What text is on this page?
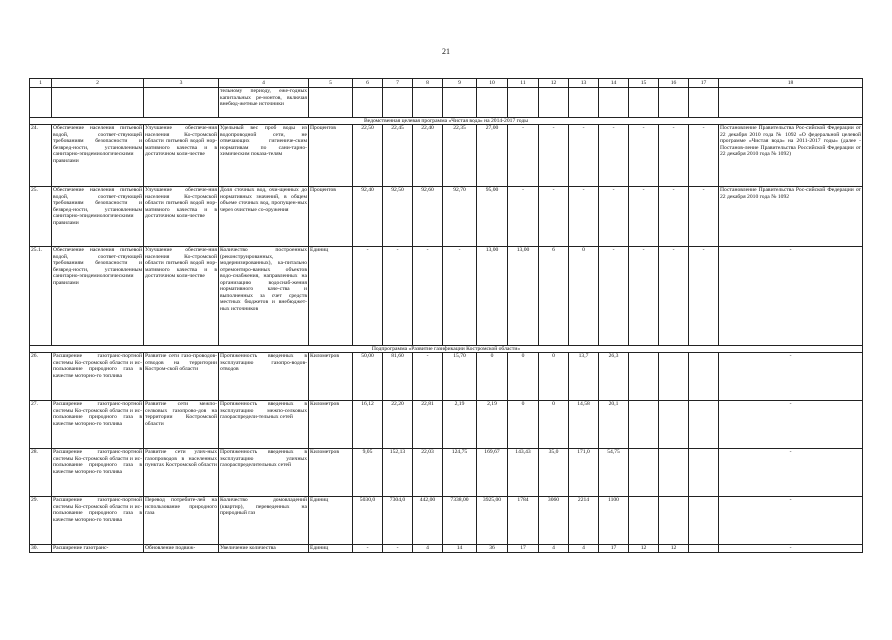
21
1	2	3	4	5	6	7	8	9	10	11	12	13	14	15	16	17	18
			тельному периоду, еже-годных капитальных ре-монтов, включая внебюд-жетные источники														
Ведомственная целевая программа «Чистая вода» на 2014-2017 годы																	
24.	Обеспечение населения питьевой водой, соответ-ствующей требованиям безопасности и безвред-ности, установленным санитарно-эпидемиологическими правилами	Улучшение обеспече-ния населения Ко-стромской области питьевой водой нор-мативного качества и в достаточном коли-честве	Удельный вес проб воды из водопроводной сети, не отвечающих гигиениче-ским нормативам по сани-тарно-химическим показа-телям	Процентов	22,50	22,45	22,40	22,35	27,00	-	-	-	-	-	-	-	Постановление Правительства Рос-сийской Федерации от 22 декабря 2010 года № 1092 «О федеральной целевой программе «Чистая вода» на 2011-2017 годы» (далее - Постанов-ление Правительства Российской Федерации от 22 декабря 2010 года № 1092)
25.	Обеспечение населения питьевой водой, соответ-ствующей требованиям безопасности и безвред-ности, установленным санитарно-эпидемиологическими правилами	Улучшение обеспече-ния населения Ко-стромской области питьевой водой нор-мативного качества и в достаточном коли-честве	Доля сточных вод, очи-щенных до нормативных значений, в общем объеме сточных вод, пропущен-ных через очистные со-оружения	Процентов	92,40	92,50	92,60	92,70	95,00	-	-	-	-	-	-	-	Постановление Правительства Рос-сийской Федерации от 22 декабря 2010 года № 1092
25.1.	Обеспечение населения питьевой водой, соответ-ствующей требованиям безопасности и безвред-ности, установленным санитарно-эпидемиологическими правилами	Улучшение обеспече-ния населения Ко-стромской области питьевой водой нор-мативного качества и в достаточном коли-честве	Количество построенных (реконструированных, модернизированных), ка-питально отремонтиро-ванных объектов водо-снабжения, направленных на организацию водоснаб-жения нормативного каче-ства и выполненных за счет средств местных бюджетов и внебюджет-ных источников	Единиц	-	-	-	-	13,00	13,00	6	0	-	-	-	-	-
Подпрограмма «Развитие газификации Костромской области»																	
26.	Расширение газотранс-портной системы Ко-стромской области и ис-пользование природного газа в качестве моторно-го топлива	Развитие сети газо-проводов-отводов на территории Костром-ской области	Протяженность введенных в эксплуатацию газопро-водов-отводов	Километров	50,00	81,60	-	15,70	0	0	0	13,7	26,3				-
27.	Расширение газотранс-портной системы Ко-стромской области и ис-пользование природного газа в качестве моторно-го топлива	Развитие сети межпо-селковых газопрово-дов на территории Костромской области	Протяженность введенных в эксплуатацию межпо-селковых газораспредели-тельных сетей	Километров	16,12	22,20	22,81	2,19	2,19	0	0	14,58	20,1				-
28.	Расширение газотранс-портной системы Ко-стромской области и ис-пользование природного газа в качестве моторно-го топлива	Развитие сети улич-ных газопроводов в населенных пунктах Костромской области	Протяженность введенных в эксплуатацию уличных газораспределительных сетей	Километров	9,05	152,13	22,03	124,75	169,67	143,43	35,0	171,0	54,75				-
29.	Расширение газотранс-портной системы Ко-стромской области и ис-пользование природного газа в качестве моторно-го топлива	Перевод потребите-лей на использование природного газа	Количество домовладений (квартир), переведенных на природный газ	Единиц	5030,0	7304,0	442,00	7338,00	3925,00	1784	3060	2214	1100				-
30.	Расширение газотранс-	Обновление подвиж-	Увеличение количества	Единиц	-	-	4	14	36	17	4	4	17	12	12		-
